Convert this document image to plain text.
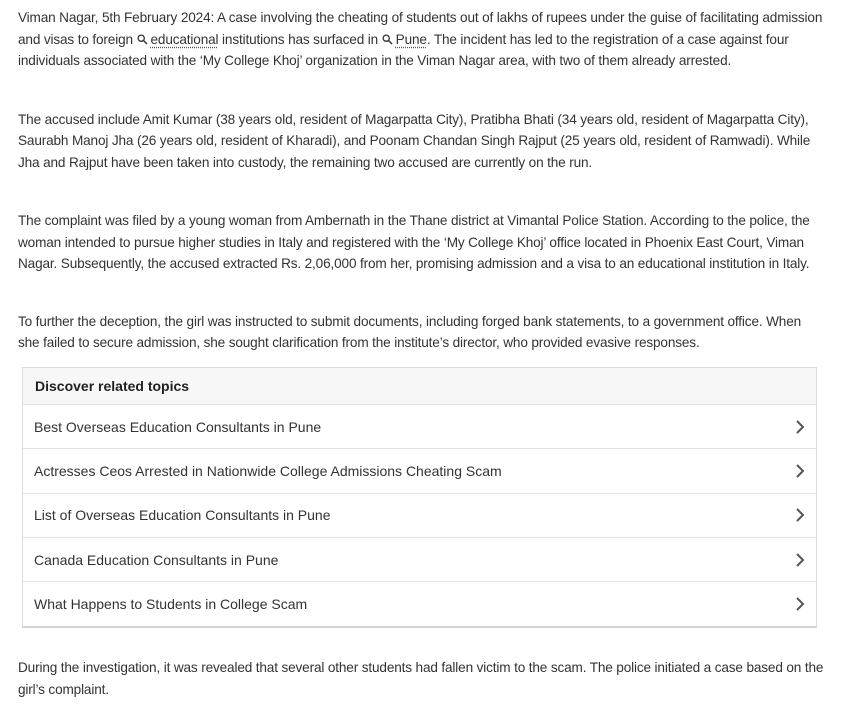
Viman Nagar, 5th February 2024: A case involving the cheating of students out of lakhs of rupees under the guise of facilitating admission and visas to foreign educational institutions has surfaced in Pune. The incident has led to the registration of a case against four individuals associated with the ‘My College Khoj’ organization in the Viman Nagar area, with two of them already arrested.

The accused include Amit Kumar (38 years old, resident of Magarpatta City), Pratibha Bhati (34 years old, resident of Magarpatta City), Saurabh Manoj Jha (26 years old, resident of Kharadi), and Poonam Chandan Singh Rajput (25 years old, resident of Ramwadi). While Jha and Rajput have been taken into custody, the remaining two accused are currently on the run.

The complaint was filed by a young woman from Ambernath in the Thane district at Vimantal Police Station. According to the police, the woman intended to pursue higher studies in Italy and registered with the ‘My College Khoj’ office located in Phoenix East Court, Viman Nagar. Subsequently, the accused extracted Rs. 2,06,000 from her, promising admission and a visa to an educational institution in Italy.

To further the deception, the girl was instructed to submit documents, including forged bank statements, to a government office. When she failed to secure admission, she sought clarification from the institute’s director, who provided evasive responses.

Discover related topics
Best Overseas Education Consultants in Pune
Actresses Ceos Arrested in Nationwide College Admissions Cheating Scam
List of Overseas Education Consultants in Pune
Canada Education Consultants in Pune
What Happens to Students in College Scam

During the investigation, it was revealed that several other students had fallen victim to the scam. The police initiated a case based on the girl’s complaint.
